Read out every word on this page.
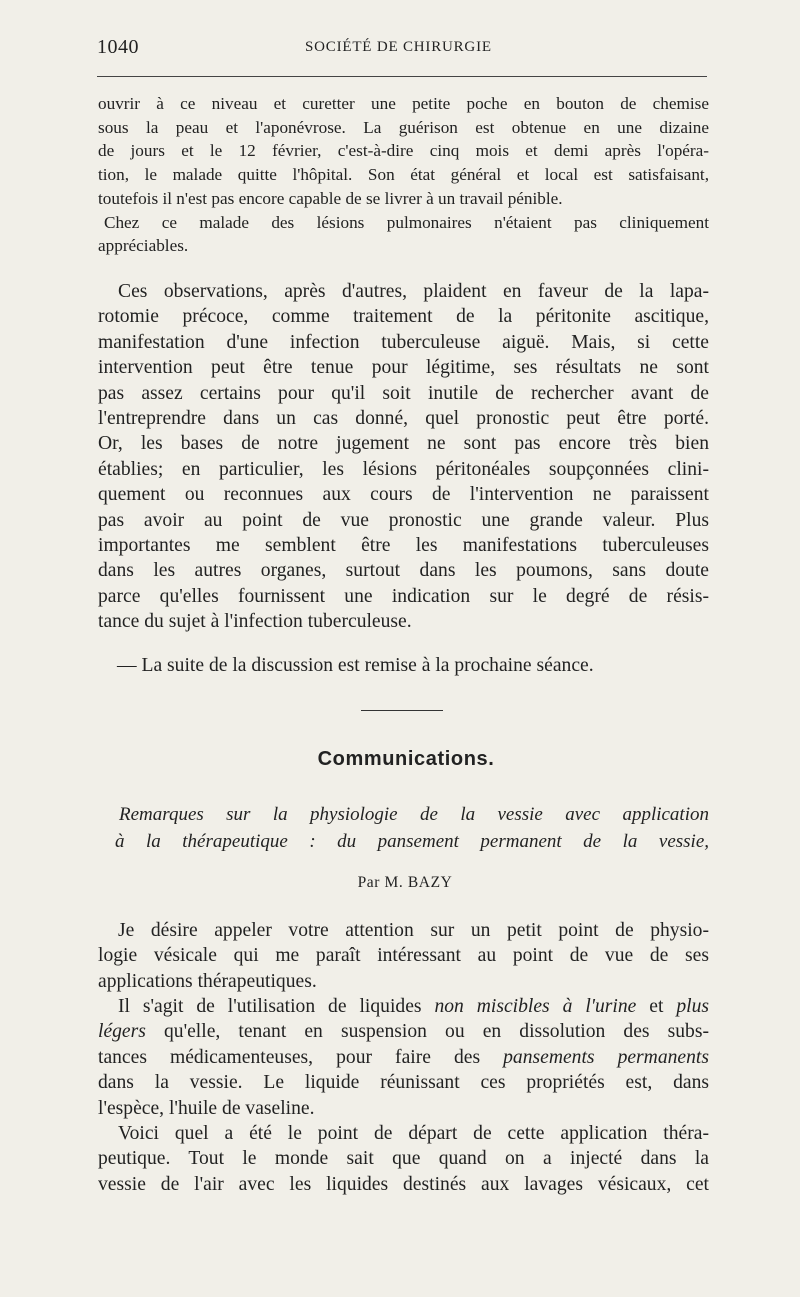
1040	SOCIÉTÉ DE CHIRURGIE
ouvrir à ce niveau et curetter une petite poche en bouton de chemise
sous la peau et l'aponévrose. La guérison est obtenue en une dizaine
de jours et le 12 février, c'est-à-dire cinq mois et demi après l'opéra-
tion, le malade quitte l'hôpital. Son état général et local est satisfaisant,
toutefois il n'est pas encore capable de se livrer à un travail pénible.
Chez ce malade des lésions pulmonaires n'étaient pas cliniquement
appréciables.
Ces observations, après d'autres, plaident en faveur de la lapa-
rotomie précoce, comme traitement de la péritonite ascitique,
manifestation d'une infection tuberculeuse aiguë. Mais, si cette
intervention peut être tenue pour légitime, ses résultats ne sont
pas assez certains pour qu'il soit inutile de rechercher avant de
l'entreprendre dans un cas donné, quel pronostic peut être porté.
Or, les bases de notre jugement ne sont pas encore très bien
établies; en particulier, les lésions péritonéales soupçonnées clini-
quement ou reconnues aux cours de l'intervention ne paraissent
pas avoir au point de vue pronostic une grande valeur. Plus
importantes me semblent être les manifestations tuberculeuses
dans les autres organes, surtout dans les poumons, sans doute
parce qu'elles fournissent une indication sur le degré de résis-
tance du sujet à l'infection tuberculeuse.
— La suite de la discussion est remise à la prochaine séance.
Communications.
Remarques sur la physiologie de la vessie avec application
à la thérapeutique : du pansement permanent de la vessie,
Par M. BAZY
Je désire appeler votre attention sur un petit point de physio-
logie vésicale qui me paraît intéressant au point de vue de ses
applications thérapeutiques.
Il s'agit de l'utilisation de liquides non miscibles à l'urine et plus
légers qu'elle, tenant en suspension ou en dissolution des subs-
tances médicamenteuses, pour faire des pansements permanents
dans la vessie. Le liquide réunissant ces propriétés est, dans
l'espèce, l'huile de vaseline.
Voici quel a été le point de départ de cette application théra-
peutique. Tout le monde sait que quand on a injecté dans la
vessie de l'air avec les liquides destinés aux lavages vésicaux, cet
